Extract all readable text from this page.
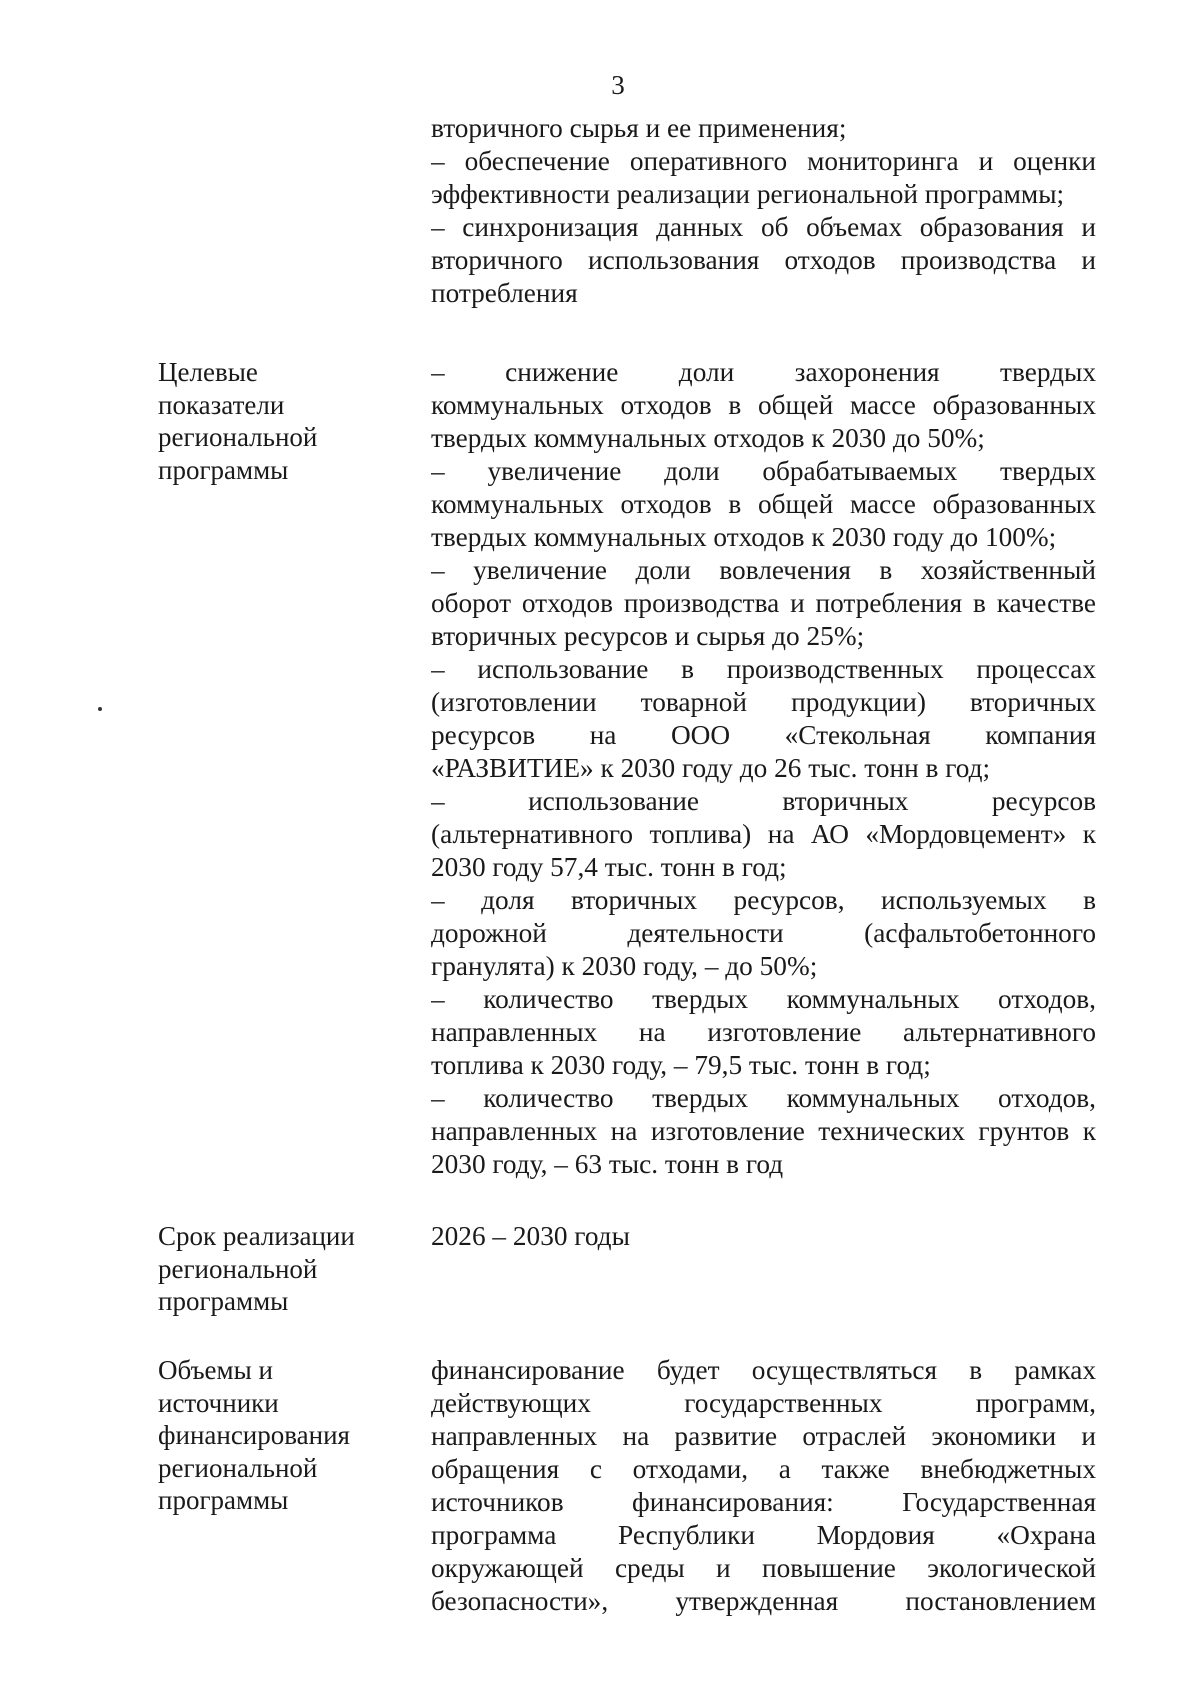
3
вторичного сырья и ее применения;
– обеспечение оперативного мониторинга и оценки
эффективности реализации региональной программы;
– синхронизация данных об объемах образования и
вторичного использования отходов производства и
потребления
Целевые
показатели
региональной
программы
– снижение доли захоронения твердых
коммунальных отходов в общей массе образованных
твердых коммунальных отходов к 2030 до 50%;
– увеличение доли обрабатываемых твердых
коммунальных отходов в общей массе образованных
твердых коммунальных отходов к 2030 году до 100%;
– увеличение доли вовлечения в хозяйственный
оборот отходов производства и потребления в качестве
вторичных ресурсов и сырья до 25%;
– использование в производственных процессах
(изготовлении товарной продукции) вторичных
ресурсов на ООО «Стекольная компания
«РАЗВИТИЕ» к 2030 году до 26 тыс. тонн в год;
– использование вторичных ресурсов
(альтернативного топлива) на АО «Мордовцемент» к
2030 году 57,4 тыс. тонн в год;
– доля вторичных ресурсов, используемых в
дорожной деятельности (асфальтобетонного
гранулята) к 2030 году, – до 50%;
– количество твердых коммунальных отходов,
направленных на изготовление альтернативного
топлива к 2030 году, – 79,5 тыс. тонн в год;
– количество твердых коммунальных отходов,
направленных на изготовление технических грунтов к
2030 году, – 63 тыс. тонн в год
Срок реализации
региональной
программы
2026 – 2030 годы
Объемы и
источники
финансирования
региональной
программы
финансирование будет осуществляться в рамках
действующих государственных программ,
направленных на развитие отраслей экономики и
обращения с отходами, а также внебюджетных
источников финансирования: Государственная
программа Республики Мордовия «Охрана
окружающей среды и повышение экологической
безопасности», утвержденная постановлением
